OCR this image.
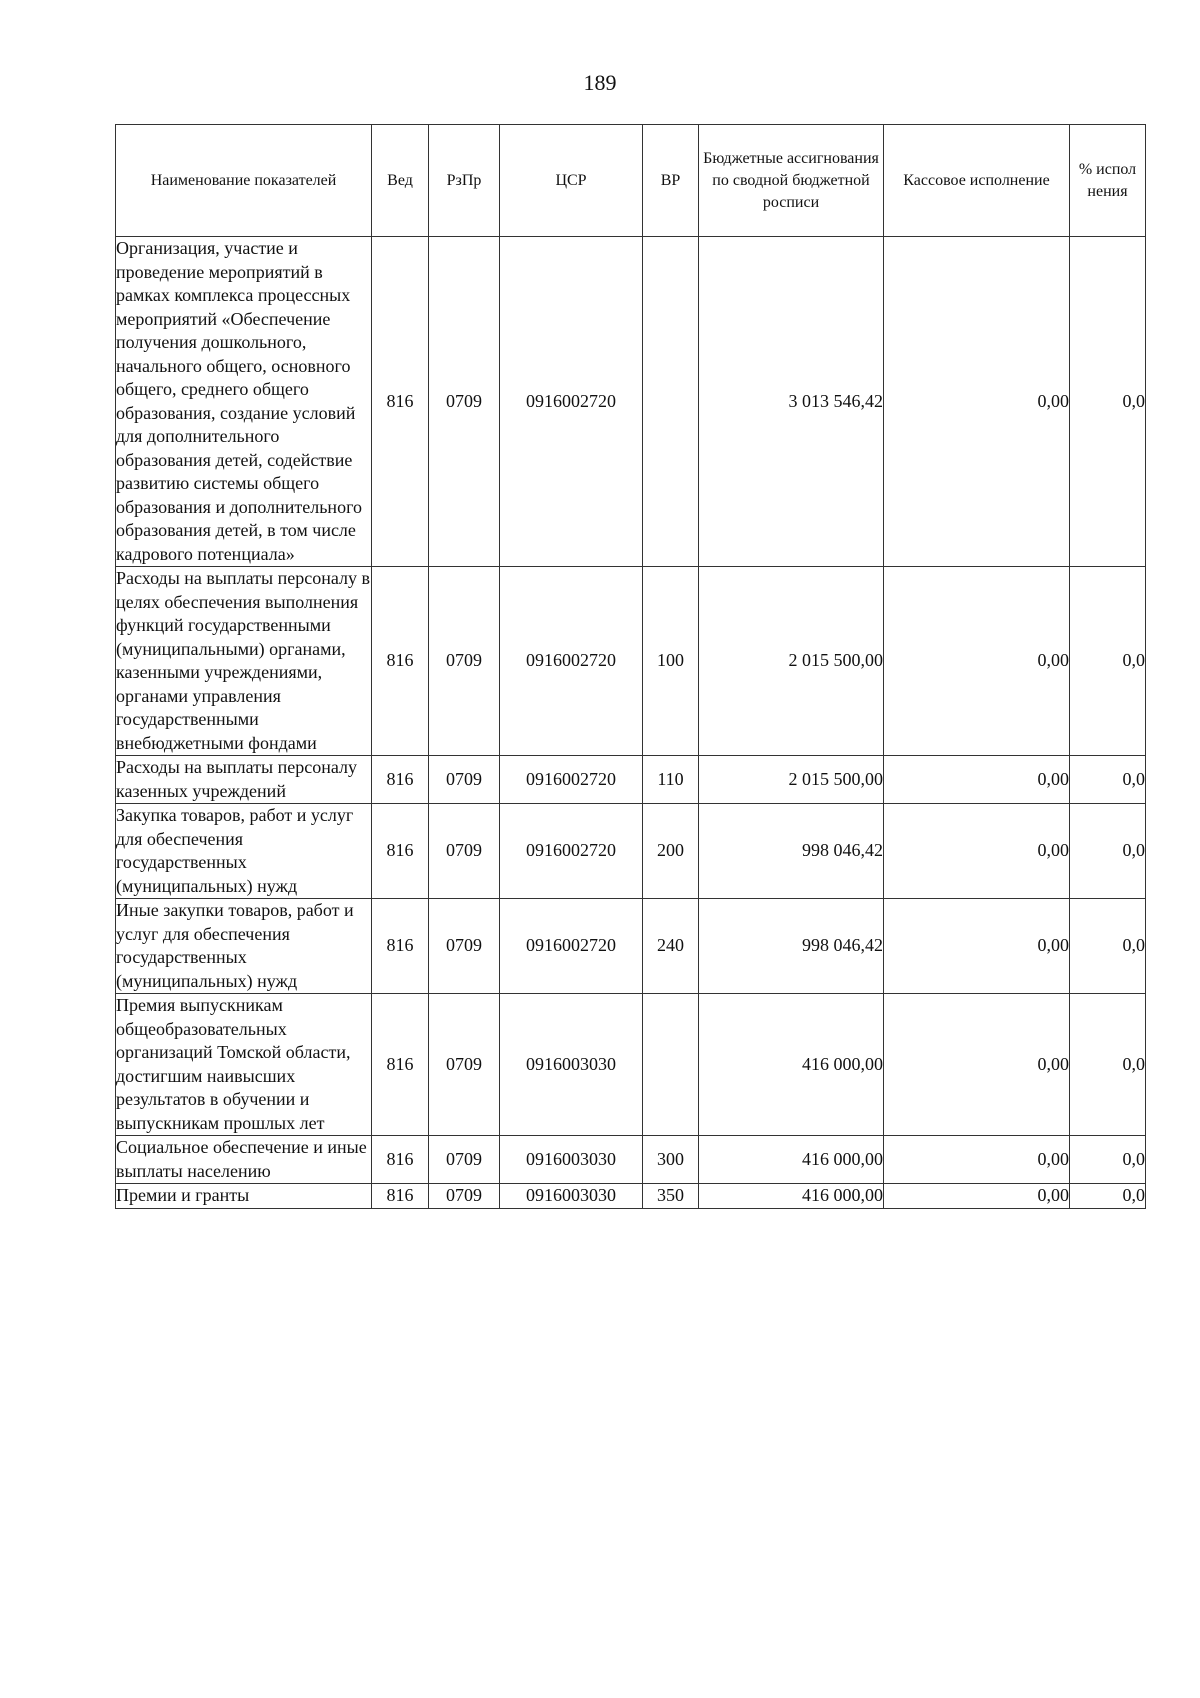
189
Наименование показателей	Вед	РзПр	ЦСР	ВР	Бюджетные ассигнования по сводной бюджетной росписи	Кассовое исполнение	% испол нения
Организация, участие и проведение мероприятий в рамках комплекса процессных мероприятий «Обеспечение получения дошкольного, начального общего, основного общего, среднего общего образования, создание условий для дополнительного образования детей, содействие развитию системы общего образования и дополнительного образования детей, в том числе кадрового потенциала»	816	0709	0916002720		3 013 546,42	0,00	0,0
Расходы на выплаты персоналу в целях обеспечения выполнения функций государственными (муниципальными) органами, казенными учреждениями, органами управления государственными внебюджетными фондами	816	0709	0916002720	100	2 015 500,00	0,00	0,0
Расходы на выплаты персоналу казенных учреждений	816	0709	0916002720	110	2 015 500,00	0,00	0,0
Закупка товаров, работ и услуг для обеспечения государственных (муниципальных) нужд	816	0709	0916002720	200	998 046,42	0,00	0,0
Иные закупки товаров, работ и услуг для обеспечения государственных (муниципальных) нужд	816	0709	0916002720	240	998 046,42	0,00	0,0
Премия выпускникам общеобразовательных организаций Томской области, достигшим наивысших результатов в обучении и выпускникам прошлых лет	816	0709	0916003030		416 000,00	0,00	0,0
Социальное обеспечение и иные выплаты населению	816	0709	0916003030	300	416 000,00	0,00	0,0
Премии и гранты	816	0709	0916003030	350	416 000,00	0,00	0,0
